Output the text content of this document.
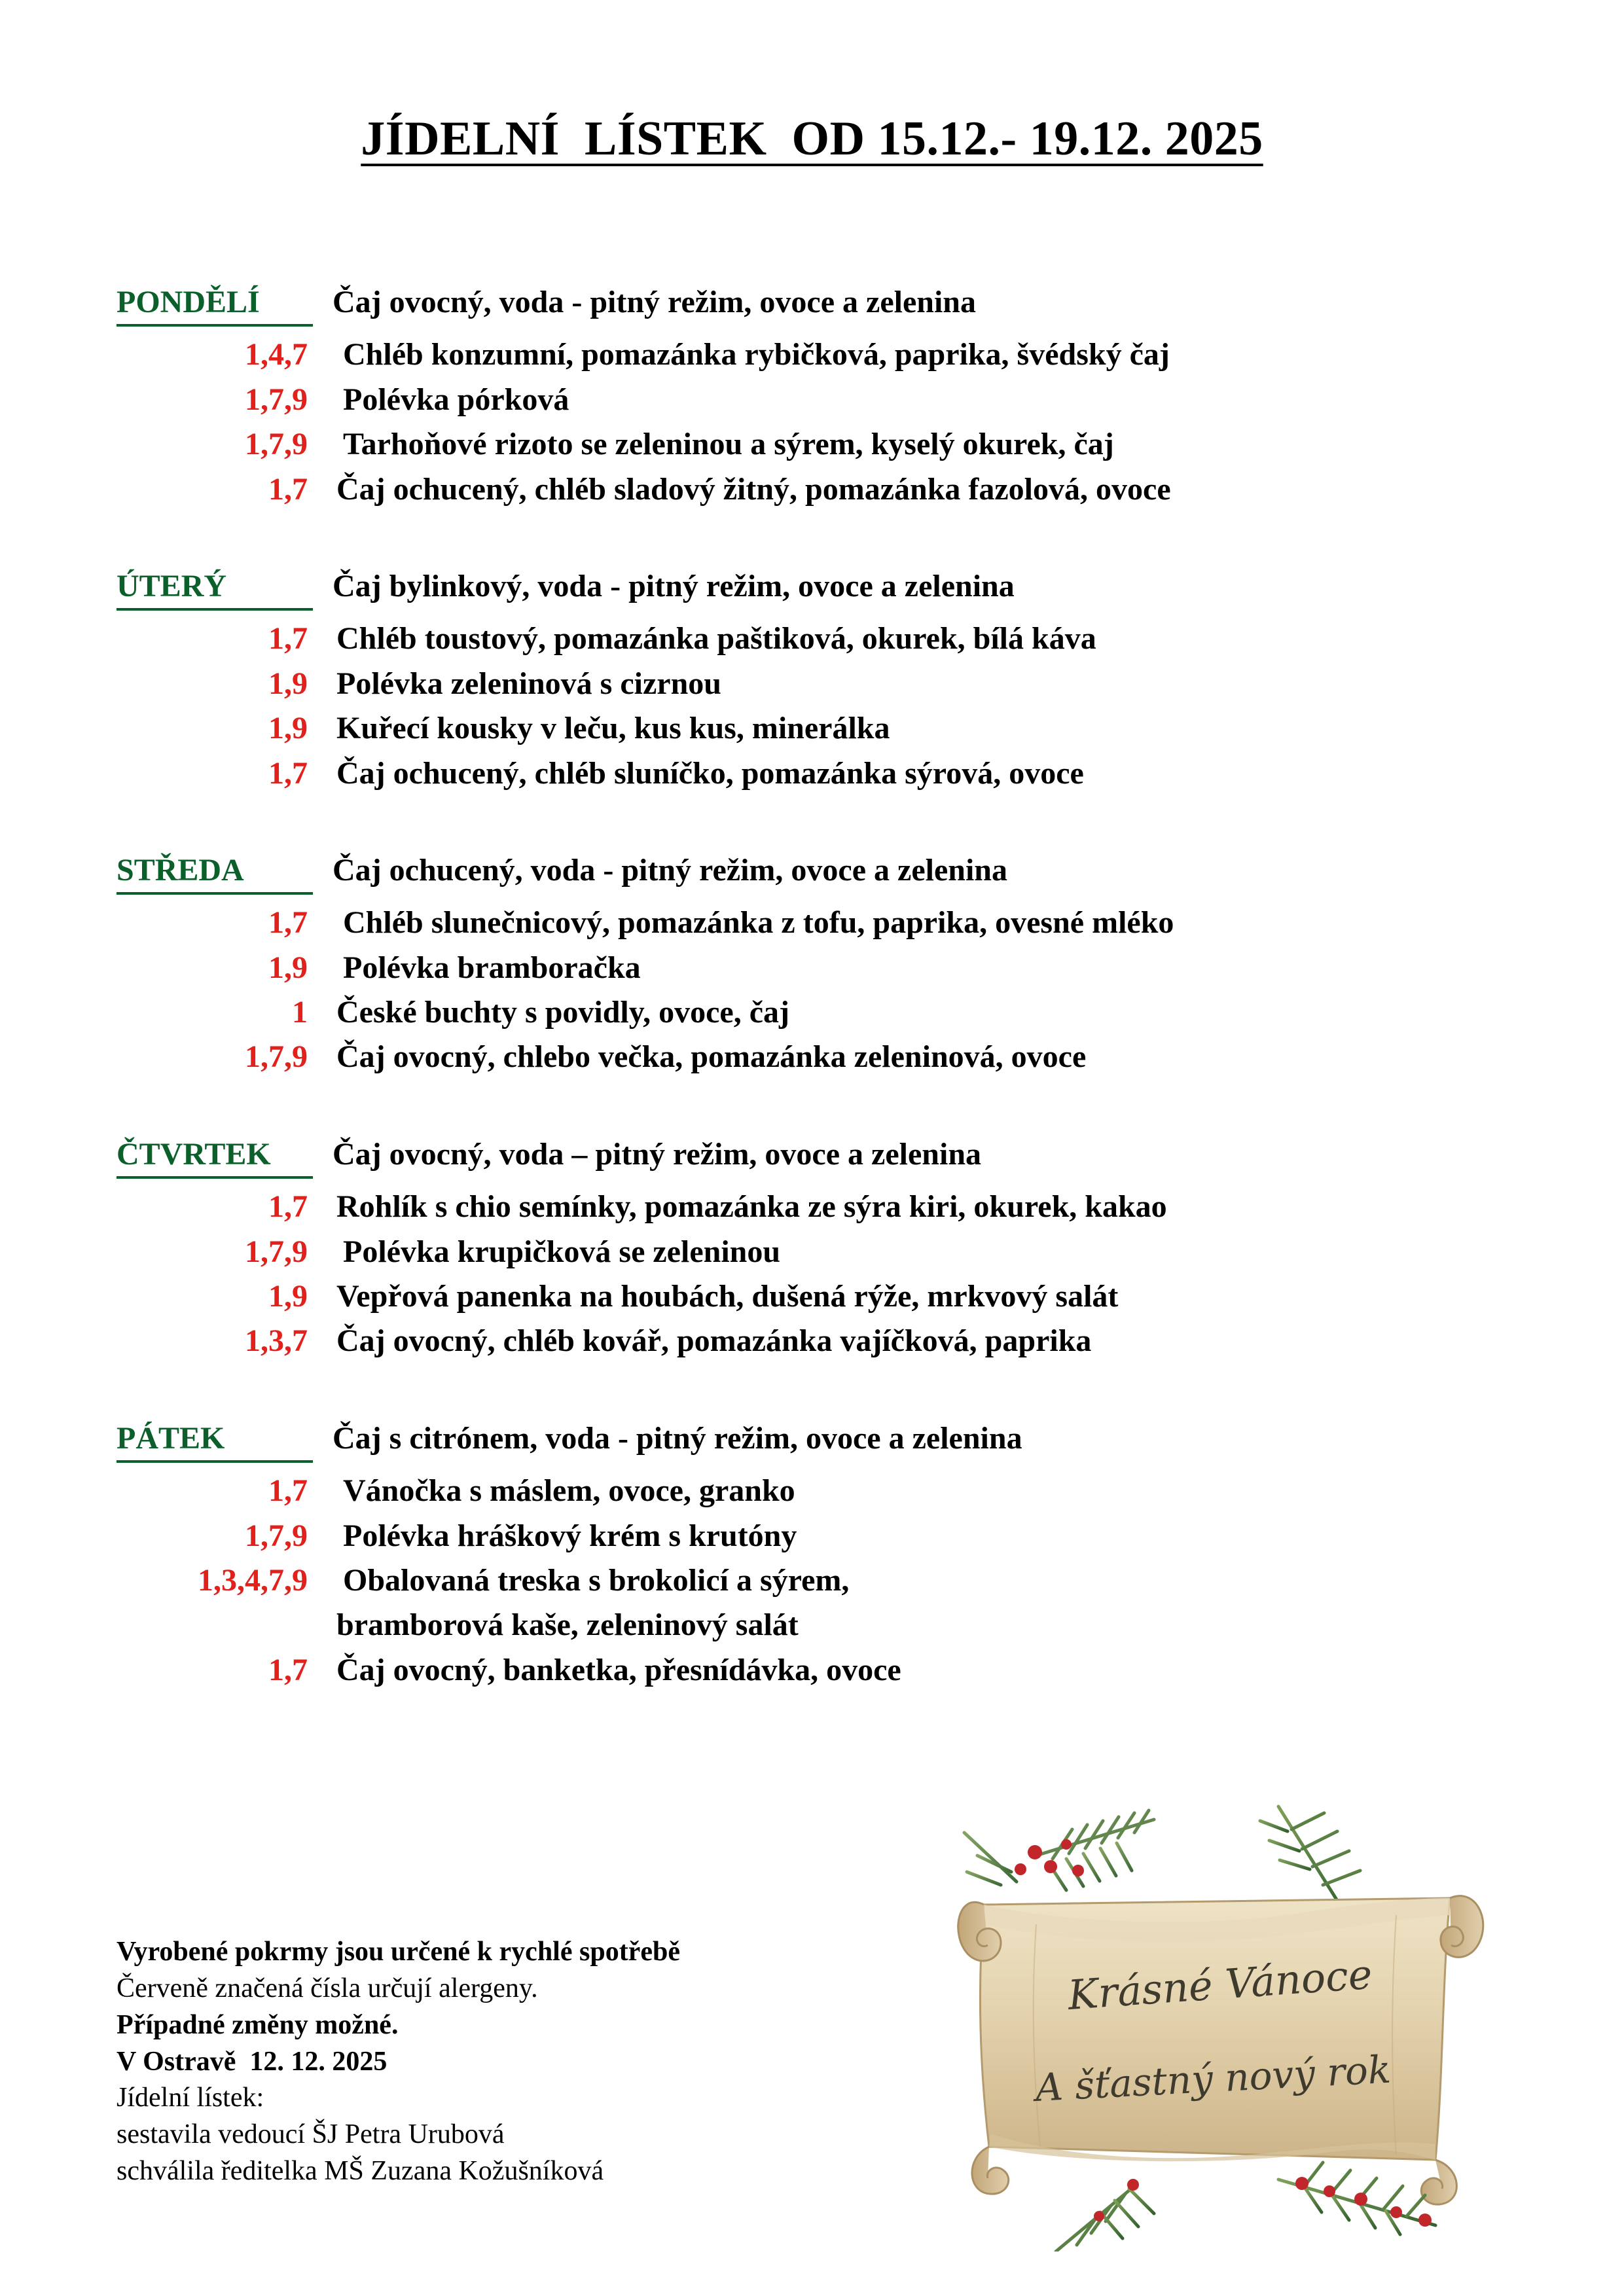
JÍDELNÍ  LÍSTEK  OD 15.12.- 19.12. 2025
PONDĚLÍ	Čaj ovocný, voda - pitný režim, ovoce a zelenina
1,4,7	Chléb konzumní, pomazánka rybičková, paprika, švédský čaj
1,7,9	Polévka pórková
1,7,9	Tarhoňové rizoto se zeleninou a sýrem, kyselý okurek, čaj
1,7 Čaj ochucený, chléb sladový žitný, pomazánka fazolová, ovoce
ÚTERÝ	Čaj bylinkový, voda - pitný režim, ovoce a zelenina
1,7 Chléb toustový, pomazánka paštiková, okurek, bílá káva
1,9 Polévka zeleninová s cizrnou
1,9 Kuřecí kousky v leču, kus kus, minerálka
1,7 Čaj ochucený, chléb sluníčko, pomazánka sýrová, ovoce
STŘEDA	Čaj ochucený, voda - pitný režim, ovoce a zelenina
1,7	Chléb slunečnicový, pomazánka z tofu, paprika, ovesné mléko
1,9	Polévka bramboračka
1 České buchty s povidly, ovoce, čaj
1,7,9 Čaj ovocný, chlebo večka, pomazánka zeleninová, ovoce
ČTVRTEK	Čaj ovocný, voda – pitný režim, ovoce a zelenina
1,7 Rohlík s chio semínky, pomazánka ze sýra kiri, okurek, kakao
1,7,9	Polévka krupičková se zeleninou
1,9 Vepřová panenka na houbách, dušená rýže, mrkvový salát
1,3,7 Čaj ovocný, chléb kovář, pomazánka vajíčková, paprika
PÁTEK	Čaj s citrónem, voda - pitný režim, ovoce a zelenina
1,7	Vánočka s máslem, ovoce, granko
1,7,9	Polévka hráškový krém s krutóny
1,3,4,7,9	Obalovaná treska s brokolicí a sýrem,

bramborová kaše, zeleninový salát
1,7 Čaj ovocný, banketka, přesnídávka, ovoce
Vyrobené pokrmy jsou určené k rychlé spotřebě
Červeně značená čísla určují alergeny.
Případné změny možné.
V Ostravě  12. 12. 2025
Jídelní lístek:
sestavila vedoucí ŠJ Petra Urubová
schválila ředitelka MŠ Zuzana Kožušníková
Krásné Vánoce
A šťastný nový rok
